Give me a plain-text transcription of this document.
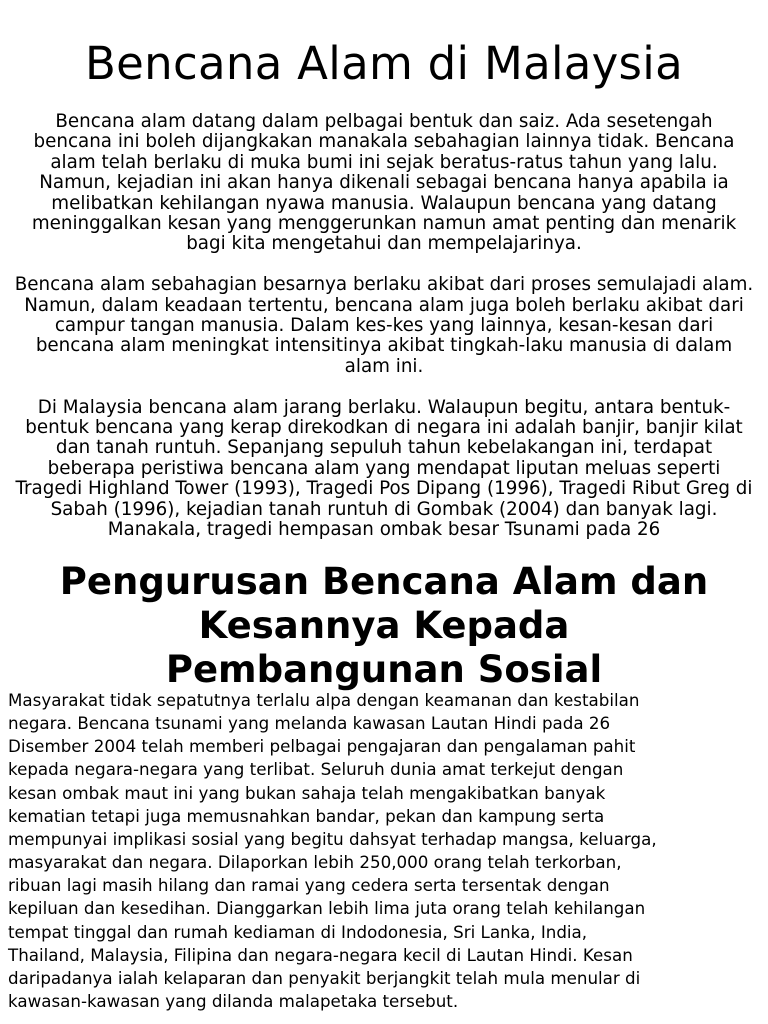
Bencana Alam di Malaysia

Bencana alam datang dalam pelbagai bentuk dan saiz. Ada sesetengah bencana ini boleh dijangkakan manakala sebahagian lainnya tidak. Bencana alam telah berlaku di muka bumi ini sejak beratus-ratus tahun yang lalu. Namun, kejadian ini akan hanya dikenali sebagai bencana hanya apabila ia melibatkan kehilangan nyawa manusia. Walaupun bencana yang datang meninggalkan kesan yang menggerunkan namun amat penting dan menarik bagi kita mengetahui dan mempelajarinya.

Bencana alam sebahagian besarnya berlaku akibat dari proses semulajadi alam. Namun, dalam keadaan tertentu, bencana alam juga boleh berlaku akibat dari campur tangan manusia. Dalam kes-kes yang lainnya, kesan-kesan dari bencana alam meningkat intensitinya akibat tingkah-laku manusia di dalam alam ini.

Di Malaysia bencana alam jarang berlaku. Walaupun begitu, antara bentuk-bentuk bencana yang kerap direkodkan di negara ini adalah banjir, banjir kilat dan tanah runtuh. Sepanjang sepuluh tahun kebelakangan ini, terdapat beberapa peristiwa bencana alam yang mendapat liputan meluas seperti Tragedi Highland Tower (1993), Tragedi Pos Dipang (1996), Tragedi Ribut Greg di Sabah (1996), kejadian tanah runtuh di Gombak (2004) dan banyak lagi. Manakala, tragedi hempasan ombak besar Tsunami pada 26

Pengurusan Bencana Alam dan
Kesannya Kepada
Pembangunan Sosial
Masyarakat tidak sepatutnya terlalu alpa dengan keamanan dan kestabilan
negara. Bencana tsunami yang melanda kawasan Lautan Hindi pada 26
Disember 2004 telah memberi pelbagai pengajaran dan pengalaman pahit
kepada negara-negara yang terlibat. Seluruh dunia amat terkejut dengan
kesan ombak maut ini yang bukan sahaja telah mengakibatkan banyak
kematian tetapi juga memusnahkan bandar, pekan dan kampung serta
mempunyai implikasi sosial yang begitu dahsyat terhadap mangsa, keluarga,
masyarakat dan negara. Dilaporkan lebih 250,000 orang telah terkorban,
ribuan lagi masih hilang dan ramai yang cedera serta tersentak dengan
kepiluan dan kesedihan. Dianggarkan lebih lima juta orang telah kehilangan
tempat tinggal dan rumah kediaman di Indodonesia, Sri Lanka, India,
Thailand, Malaysia, Filipina dan negara-negara kecil di Lautan Hindi. Kesan
daripadanya ialah kelaparan dan penyakit berjangkit telah mula menular di
kawasan-kawasan yang dilanda malapetaka tersebut.
